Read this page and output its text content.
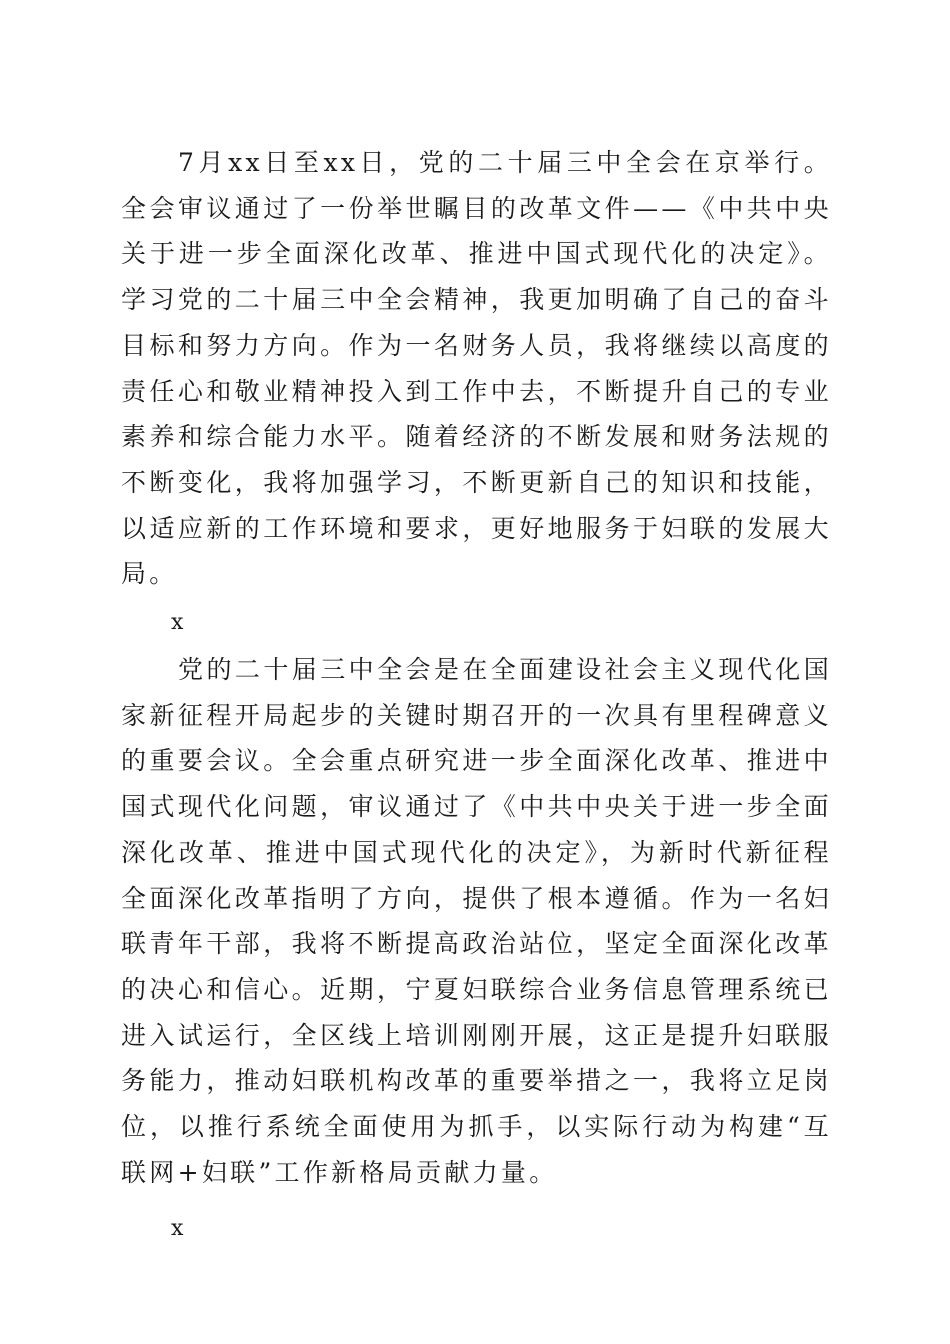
7月xx日至xx日，党的二十届三中全会在京举行。全会审议通过了一份举世瞩目的改革文件——《中共中央关于进一步全面深化改革、推进中国式现代化的决定》。学习党的二十届三中全会精神，我更加明确了自己的奋斗目标和努力方向。作为一名财务人员，我将继续以高度的责任心和敬业精神投入到工作中去，不断提升自己的专业素养和综合能力水平。随着经济的不断发展和财务法规的不断变化，我将加强学习，不断更新自己的知识和技能，以适应新的工作环境和要求，更好地服务于妇联的发展大局。

x

党的二十届三中全会是在全面建设社会主义现代化国家新征程开局起步的关键时期召开的一次具有里程碑意义的重要会议。全会重点研究进一步全面深化改革、推进中国式现代化问题，审议通过了《中共中央关于进一步全面深化改革、推进中国式现代化的决定》，为新时代新征程全面深化改革指明了方向，提供了根本遵循。作为一名妇联青年干部，我将不断提高政治站位，坚定全面深化改革的决心和信心。近期，宁夏妇联综合业务信息管理系统已进入试运行，全区线上培训刚刚开展，这正是提升妇联服务能力，推动妇联机构改革的重要举措之一，我将立足岗位，以推行系统全面使用为抓手，以实际行动为构建“互联网+妇联”工作新格局贡献力量。

x
